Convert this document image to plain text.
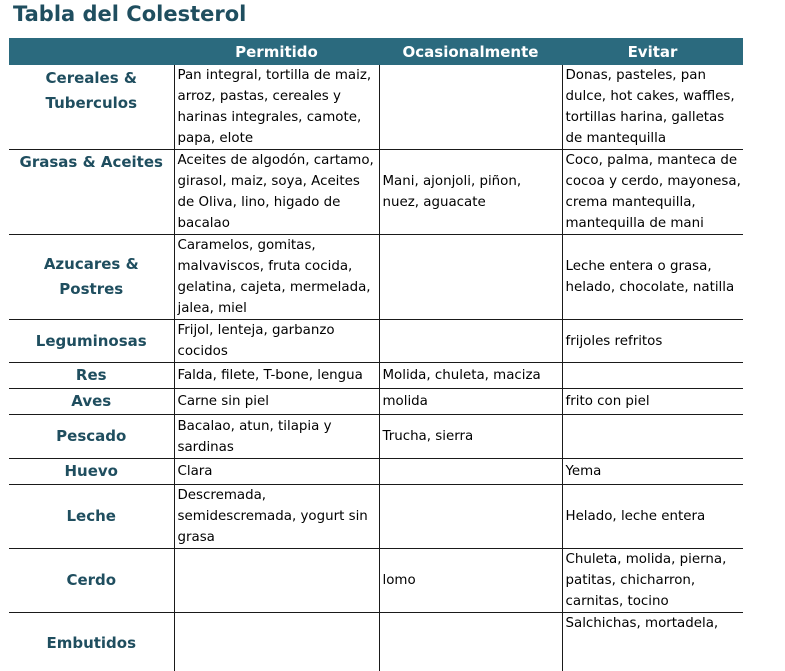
Tabla del Colesterol
	Permitido	Ocasionalmente	Evitar
Cereales & Tuberculos	Pan integral, tortilla de maiz, arroz, pastas, cereales y harinas integrales, camote, papa, elote		Donas, pasteles, pan dulce, hot cakes, waffles, tortillas harina, galletas de mantequilla
Grasas & Aceites	Aceites de algodón, cartamo, girasol, maiz, soya, Aceites de Oliva, lino, higado de bacalao	Mani, ajonjoli, piñon, nuez, aguacate	Coco, palma, manteca de cocoa y cerdo, mayonesa, crema mantequilla, mantequilla de mani
Azucares & Postres	Caramelos, gomitas, malvaviscos, fruta cocida, gelatina, cajeta, mermelada, jalea, miel		Leche entera o grasa, helado, chocolate, natilla
Leguminosas	Frijol, lenteja, garbanzo cocidos		frijoles refritos
Res	Falda, filete, T-bone, lengua	Molida, chuleta, maciza	
Aves	Carne sin piel	molida	frito con piel
Pescado	Bacalao, atun, tilapia y sardinas	Trucha, sierra	
Huevo	Clara		Yema
Leche	Descremada, semidescremada, yogurt sin grasa		Helado, leche entera
Cerdo		lomo	Chuleta, molida, pierna, patitas, chicharron, carnitas, tocino
Embutidos			Salchichas, mortadela,
